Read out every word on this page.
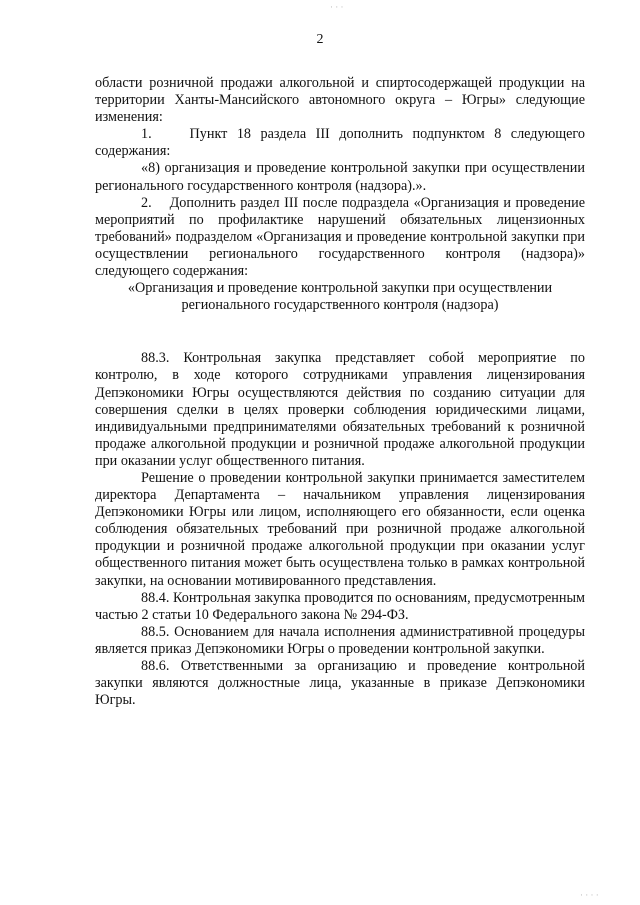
2

области розничной продажи алкогольной и спиртосодержащей продукции на территории Ханты-Мансийского автономного округа – Югры» следующие изменения:

1.    Пункт 18 раздела III дополнить подпунктом 8 следующего содержания:

«8) организация и проведение контрольной закупки при осуществлении регионального государственного контроля (надзора).».

2.    Дополнить раздел III после подраздела «Организация и проведение мероприятий по профилактике нарушений обязательных лицензионных требований» подразделом «Организация и проведение контрольной закупки при осуществлении регионального государственного контроля (надзора)» следующего содержания:

«Организация и проведение контрольной закупки при осуществлении регионального государственного контроля (надзора)

88.3. Контрольная закупка представляет собой мероприятие по контролю, в ходе которого сотрудниками управления лицензирования Депэкономики Югры осуществляются действия по созданию ситуации для совершения сделки в целях проверки соблюдения юридическими лицами, индивидуальными предпринимателями обязательных требований к розничной продаже алкогольной продукции и розничной продаже алкогольной продукции при оказании услуг общественного питания.

Решение о проведении контрольной закупки принимается заместителем директора Департамента – начальником управления лицензирования Депэкономики Югры или лицом, исполняющего его обязанности, если оценка соблюдения обязательных требований при розничной продаже алкогольной продукции и розничной продаже алкогольной продукции при оказании услуг общественного питания может быть осуществлена только в рамках контрольной закупки, на основании мотивированного представления.

88.4. Контрольная закупка проводится по основаниям, предусмотренным частью 2 статьи 10 Федерального закона № 294-ФЗ.

88.5. Основанием для начала исполнения административной процедуры является приказ Депэкономики Югры о проведении контрольной закупки.

88.6. Ответственными за организацию и проведение контрольной закупки являются должностные лица, указанные в приказе Депэкономики Югры.

· · ·
· · · ·
